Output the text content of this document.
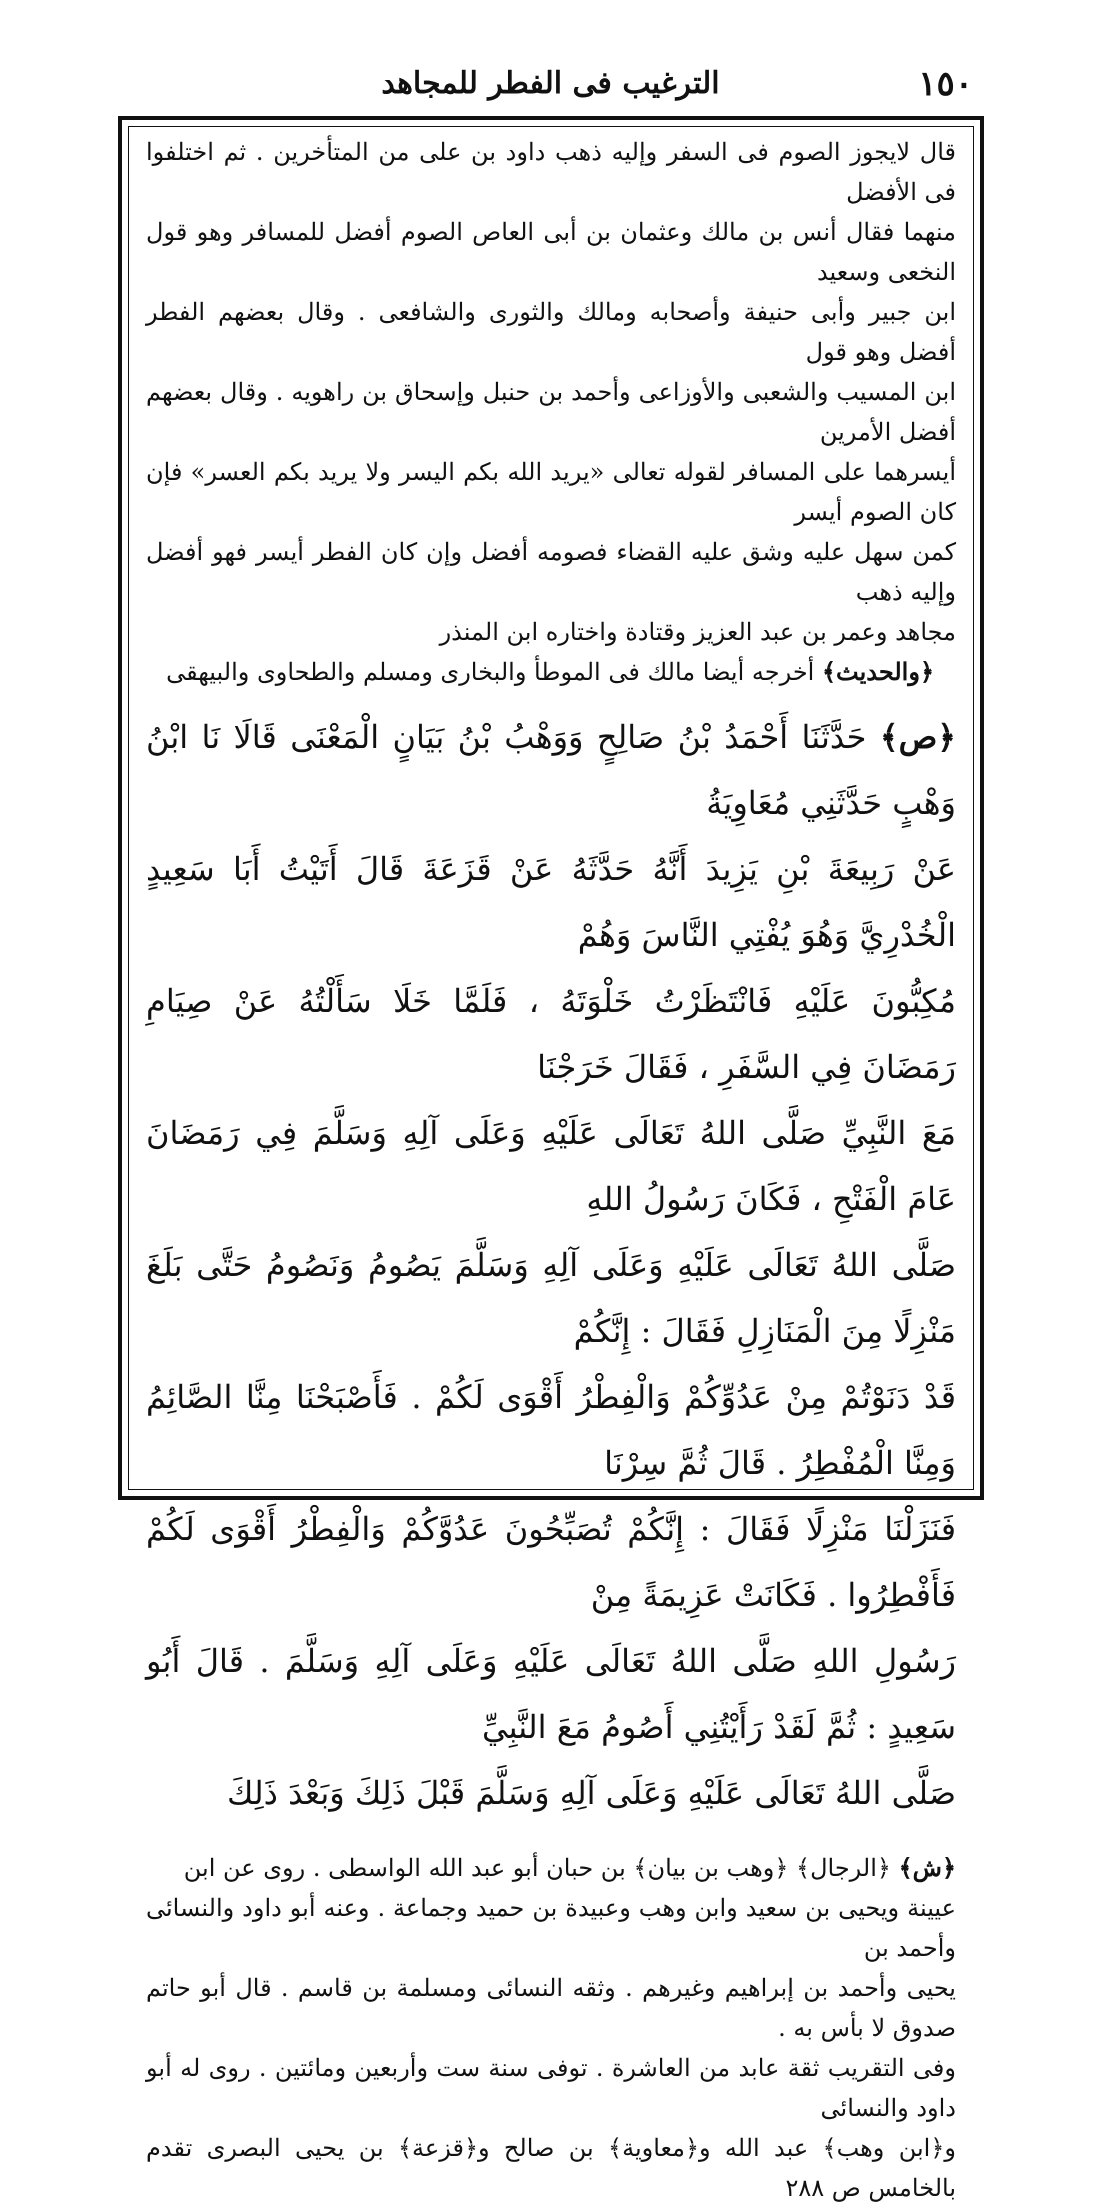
١٥٠
الترغيب فى الفطر للمجاهد

قال لايجوز الصوم فى السفر وإليه ذهب داود بن على من المتأخرين . ثم اختلفوا فى الأفضل

منهما فقال أنس بن مالك وعثمان بن أبى العاص الصوم أفضل للمسافر وهو قول النخعى وسعيد

ابن جبير وأبى حنيفة وأصحابه ومالك والثورى والشافعى . وقال بعضهم الفطر أفضل وهو قول

ابن المسيب والشعبى والأوزاعى وأحمد بن حنبل وإسحاق بن راهويه . وقال بعضهم أفضل الأمرين

أيسرهما على المسافر لقوله تعالى «يريد الله بكم اليسر ولا يريد بكم العسر» فإن كان الصوم أيسر

كمن سهل عليه وشق عليه القضاء فصومه أفضل وإن كان الفطر أيسر فهو أفضل وإليه ذهب

مجاهد وعمر بن عبد العزيز وقتادة واختاره ابن المنذر

﴿والحديث﴾ أخرجه أيضا مالك فى الموطأ والبخارى ومسلم والطحاوى والبيهقى

﴿ص﴾ حَدَّثَنَا أَحْمَدُ بْنُ صَالِحٍ وَوَهْبُ بْنُ بَيَانٍ الْمَعْنَى قَالَا نَا ابْنُ وَهْبٍ حَدَّثَنِي مُعَاوِيَةُ

عَنْ رَبِيعَةَ بْنِ يَزِيدَ أَنَّهُ حَدَّثَهُ عَنْ قَزَعَةَ قَالَ أَتَيْتُ أَبَا سَعِيدٍ الْخُدْرِيَّ وَهُوَ يُفْتِي النَّاسَ وَهُمْ

مُكِبُّونَ عَلَيْهِ فَانْتَظَرْتُ خَلْوَتَهُ ، فَلَمَّا خَلَا سَأَلْتُهُ عَنْ صِيَامِ رَمَضَانَ فِي السَّفَرِ ، فَقَالَ خَرَجْنَا

مَعَ النَّبِيِّ صَلَّى اللهُ تَعَالَى عَلَيْهِ وَعَلَى آلِهِ وَسَلَّمَ فِي رَمَضَانَ عَامَ الْفَتْحِ ، فَكَانَ رَسُولُ اللهِ

صَلَّى اللهُ تَعَالَى عَلَيْهِ وَعَلَى آلِهِ وَسَلَّمَ يَصُومُ وَنَصُومُ حَتَّى بَلَغَ مَنْزِلًا مِنَ الْمَنَازِلِ فَقَالَ : إِنَّكُمْ

قَدْ دَنَوْتُمْ مِنْ عَدُوِّكُمْ وَالْفِطْرُ أَقْوَى لَكُمْ . فَأَصْبَحْنَا مِنَّا الصَّائِمُ وَمِنَّا الْمُفْطِرُ . قَالَ ثُمَّ سِرْنَا

فَنَزَلْنَا مَنْزِلًا فَقَالَ : إِنَّكُمْ تُصَبِّحُونَ عَدُوَّكُمْ وَالْفِطْرُ أَقْوَى لَكُمْ فَأَفْطِرُوا . فَكَانَتْ عَزِيمَةً مِنْ

رَسُولِ اللهِ صَلَّى اللهُ تَعَالَى عَلَيْهِ وَعَلَى آلِهِ وَسَلَّمَ . قَالَ أَبُو سَعِيدٍ : ثُمَّ لَقَدْ رَأَيْتُنِي أَصُومُ مَعَ النَّبِيِّ

صَلَّى اللهُ تَعَالَى عَلَيْهِ وَعَلَى آلِهِ وَسَلَّمَ قَبْلَ ذَلِكَ وَبَعْدَ ذَلِكَ

﴿ش﴾ ﴿الرجال﴾ ﴿وهب بن بيان﴾ بن حبان أبو عبد الله الواسطى . روى عن ابن

عيينة ويحيى بن سعيد وابن وهب وعبيدة بن حميد وجماعة . وعنه أبو داود والنسائى وأحمد بن

يحيى وأحمد بن إبراهيم وغيرهم . وثقه النسائى ومسلمة بن قاسم . قال أبو حاتم صدوق لا بأس به .

وفى التقريب ثقة عابد من العاشرة . توفى سنة ست وأربعين ومائتين . روى له أبو داود والنسائى

و﴿ابن وهب﴾ عبد الله و﴿معاوية﴾ بن صالح و﴿قزعة﴾ بن يحيى البصرى تقدم بالخامس ص ٢٨٨
